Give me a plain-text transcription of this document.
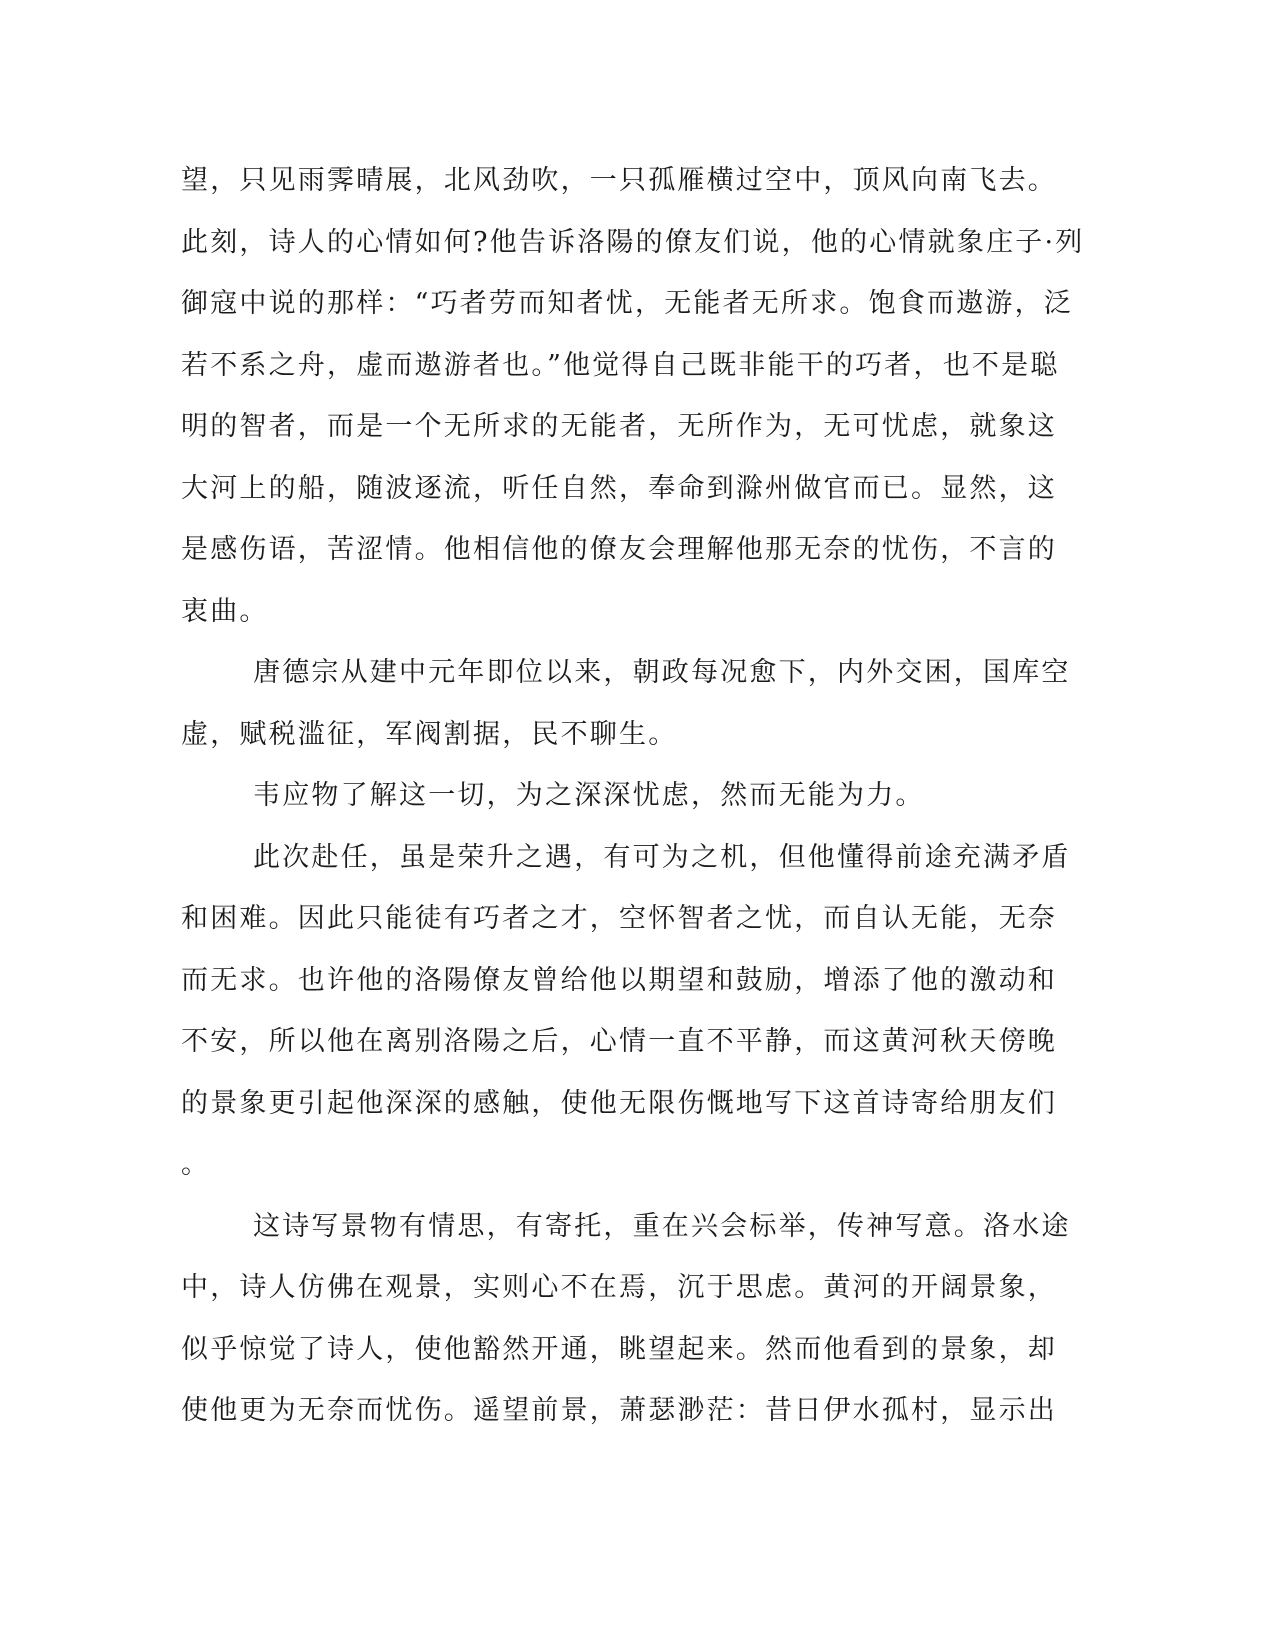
望，只见雨霁晴展，北风劲吹，一只孤雁横过空中，顶风向南飞去。
此刻，诗人的心情如何?他告诉洛陽的僚友们说，他的心情就象庄子·列
御寇中说的那样：“巧者劳而知者忧，无能者无所求。饱食而遨游，泛
若不系之舟，虚而遨游者也。”他觉得自己既非能干的巧者，也不是聪
明的智者，而是一个无所求的无能者，无所作为，无可忧虑，就象这
大河上的船，随波逐流，听任自然，奉命到滁州做官而已。显然，这
是感伤语，苦涩情。他相信他的僚友会理解他那无奈的忧伤，不言的
衷曲。
唐德宗从建中元年即位以来，朝政每况愈下，内外交困，国库空
虚，赋税滥征，军阀割据，民不聊生。
韦应物了解这一切，为之深深忧虑，然而无能为力。
此次赴任，虽是荣升之遇，有可为之机，但他懂得前途充满矛盾
和困难。因此只能徒有巧者之才，空怀智者之忧，而自认无能，无奈
而无求。也许他的洛陽僚友曾给他以期望和鼓励，增添了他的激动和
不安，所以他在离别洛陽之后，心情一直不平静，而这黄河秋天傍晚
的景象更引起他深深的感触，使他无限伤慨地写下这首诗寄给朋友们
。
这诗写景物有情思，有寄托，重在兴会标举，传神写意。洛水途
中，诗人仿佛在观景，实则心不在焉，沉于思虑。黄河的开阔景象，
似乎惊觉了诗人，使他豁然开通，眺望起来。然而他看到的景象，却
使他更为无奈而忧伤。遥望前景，萧瑟渺茫：昔日伊水孤村，显示出
